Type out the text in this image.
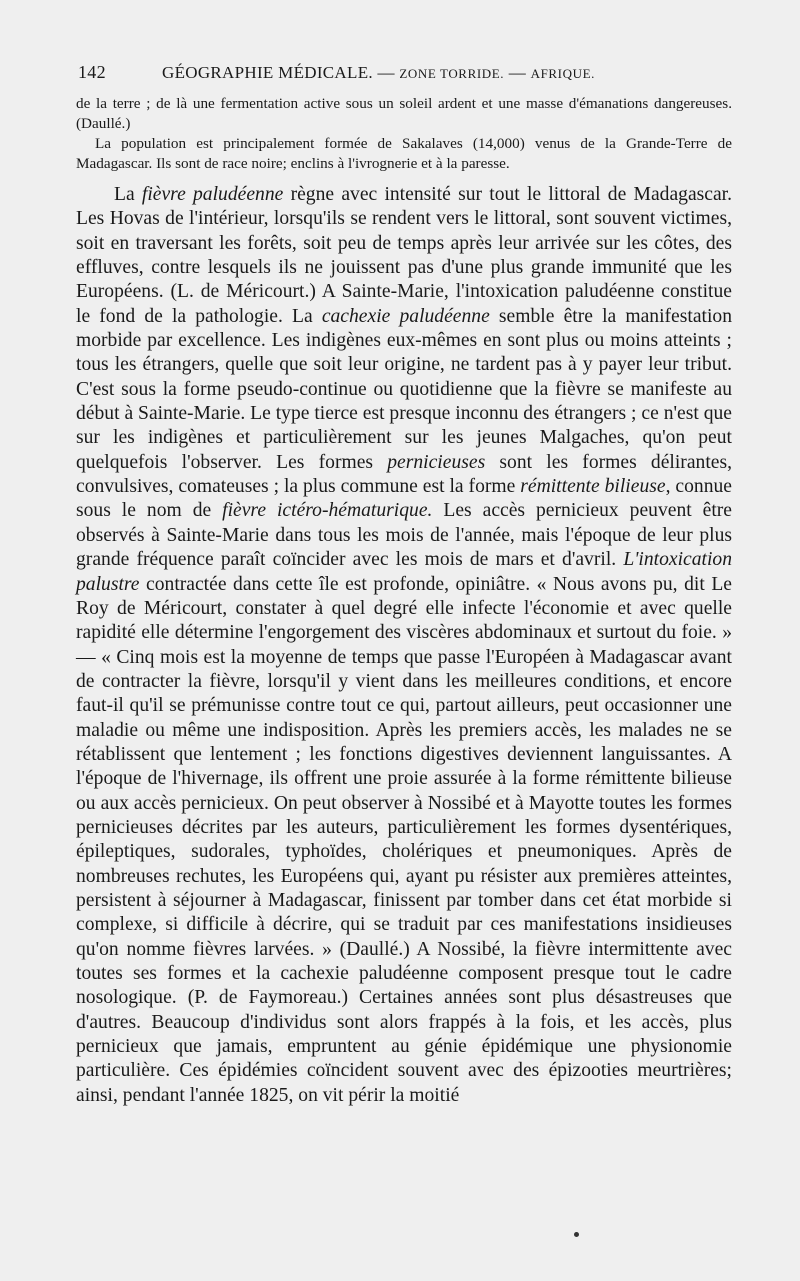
142	GÉOGRAPHIE MÉDICALE. — ZONE TORRIDE. — AFRIQUE.

de la terre ; de là une fermentation active sous un soleil ardent et une masse d'émanations dangereuses. (Daullé.)

La population est principalement formée de Sakalaves (14,000) venus de la Grande-Terre de Madagascar. Ils sont de race noire; enclins à l'ivrognerie et à la paresse.

La fièvre paludéenne règne avec intensité sur tout le littoral de Madagascar. Les Hovas de l'intérieur, lorsqu'ils se rendent vers le littoral, sont souvent victimes, soit en traversant les forêts, soit peu de temps après leur arrivée sur les côtes, des effluves, contre lesquels ils ne jouissent pas d'une plus grande immunité que les Européens. (L. de Méricourt.) A Sainte-Marie, l'intoxication paludéenne constitue le fond de la pathologie. La cachexie paludéenne semble être la manifestation morbide par excellence. Les indigènes eux-mêmes en sont plus ou moins atteints ; tous les étrangers, quelle que soit leur origine, ne tardent pas à y payer leur tribut. C'est sous la forme pseudo-continue ou quotidienne que la fièvre se manifeste au début à Sainte-Marie. Le type tierce est presque inconnu des étrangers ; ce n'est que sur les indigènes et particulièrement sur les jeunes Malgaches, qu'on peut quelquefois l'observer. Les formes pernicieuses sont les formes délirantes, convulsives, comateuses ; la plus commune est la forme rémittente bilieuse, connue sous le nom de fièvre ictéro-hématurique. Les accès pernicieux peuvent être observés à Sainte-Marie dans tous les mois de l'année, mais l'époque de leur plus grande fréquence paraît coïncider avec les mois de mars et d'avril. L'intoxication palustre contractée dans cette île est profonde, opiniâtre. « Nous avons pu, dit Le Roy de Méricourt, constater à quel degré elle infecte l'économie et avec quelle rapidité elle détermine l'engorgement des viscères abdominaux et surtout du foie. » — « Cinq mois est la moyenne de temps que passe l'Européen à Madagascar avant de contracter la fièvre, lorsqu'il y vient dans les meilleures conditions, et encore faut-il qu'il se prémunisse contre tout ce qui, partout ailleurs, peut occasionner une maladie ou même une indisposition. Après les premiers accès, les malades ne se rétablissent que lentement ; les fonctions digestives deviennent languissantes. A l'époque de l'hivernage, ils offrent une proie assurée à la forme rémittente bilieuse ou aux accès pernicieux. On peut observer à Nossibé et à Mayotte toutes les formes pernicieuses décrites par les auteurs, particulièrement les formes dysentériques, épileptiques, sudorales, typhoïdes, cholériques et pneumoniques. Après de nombreuses rechutes, les Européens qui, ayant pu résister aux premières atteintes, persistent à séjourner à Madagascar, finissent par tomber dans cet état morbide si complexe, si difficile à décrire, qui se traduit par ces manifestations insidieuses qu'on nomme fièvres larvées. » (Daullé.) A Nossibé, la fièvre intermittente avec toutes ses formes et la cachexie paludéenne composent presque tout le cadre nosologique. (P. de Faymoreau.) Certaines années sont plus désastreuses que d'autres. Beaucoup d'individus sont alors frappés à la fois, et les accès, plus pernicieux que jamais, empruntent au génie épidémique une physionomie particulière. Ces épidémies coïncident souvent avec des épizooties meurtrières; ainsi, pendant l'année 1825, on vit périr la moitié
